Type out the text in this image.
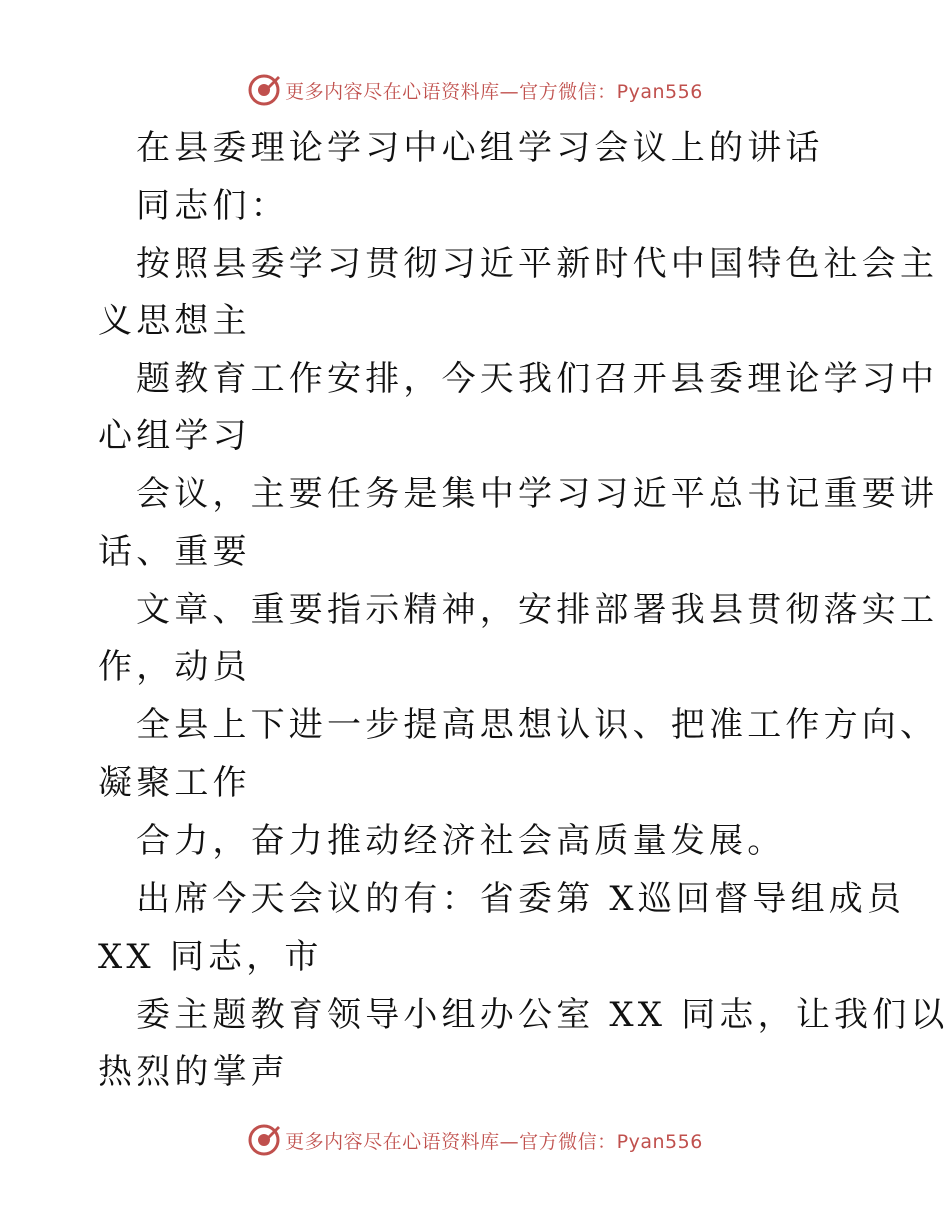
更多内容尽在心语资料库—官方微信：Pyan556
在县委理论学习中心组学习会议上的讲话
同志们：
按照县委学习贯彻习近平新时代中国特色社会主
义思想主
题教育工作安排，今天我们召开县委理论学习中
心组学习
会议，主要任务是集中学习习近平总书记重要讲
话、重要
文章、重要指示精神，安排部署我县贯彻落实工
作，动员
全县上下进一步提高思想认识、把准工作方向、
凝聚工作
合力，奋力推动经济社会高质量发展。
出席今天会议的有：省委第 X巡回督导组成员
XX 同志，市
委主题教育领导小组办公室 XX 同志，让我们以
热烈的掌声
更多内容尽在心语资料库—官方微信：Pyan556
